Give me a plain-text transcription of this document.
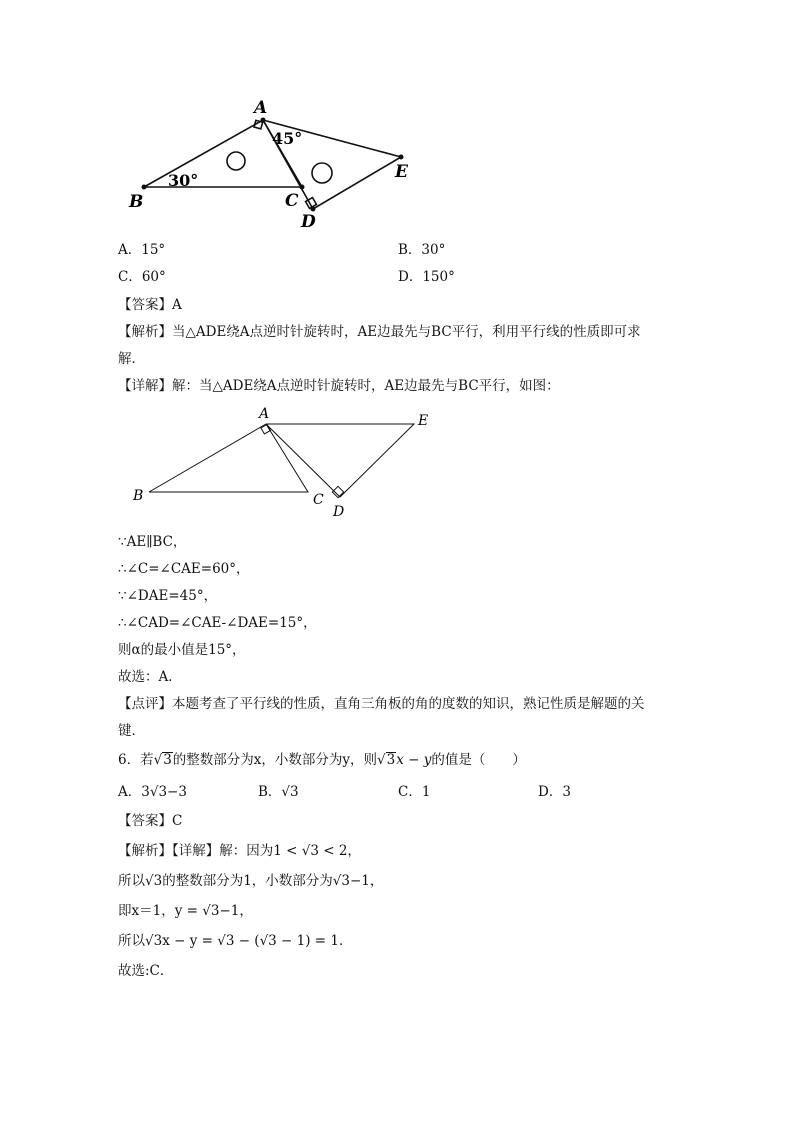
A
B	C
D
E
30°
45°
A．15°	B．30°
C．60°	D．150°
【答案】A
【解析】当△ADE绕A点逆时针旋转时，AE边最先与BC平行，利用平行线的性质即可求
解．
【详解】解：当△ADE绕A点逆时针旋转时，AE边最先与BC平行，如图：
A
B	C
D
E
∵AE∥BC，
∴∠C=∠CAE=60°，
∵∠DAE=45°，
∴∠CAD=∠CAE-∠DAE=15°，
则α的最小值是15°，
故选：A．
【点评】本题考查了平行线的性质，直角三角板的角的度数的知识，熟记性质是解题的关
键．
6．若√3的整数部分为x，小数部分为y，则√3x − y的值是（　　）
A．3√3−3	B．√3	C．1	D．3
【答案】C
【解析】【详解】解：因为1 < √3 < 2，
所以√3的整数部分为1，小数部分为√3−1，
即x＝1，y = √3−1，
所以√3x − y = √3 − (√3 − 1) = 1．
故选:C．
